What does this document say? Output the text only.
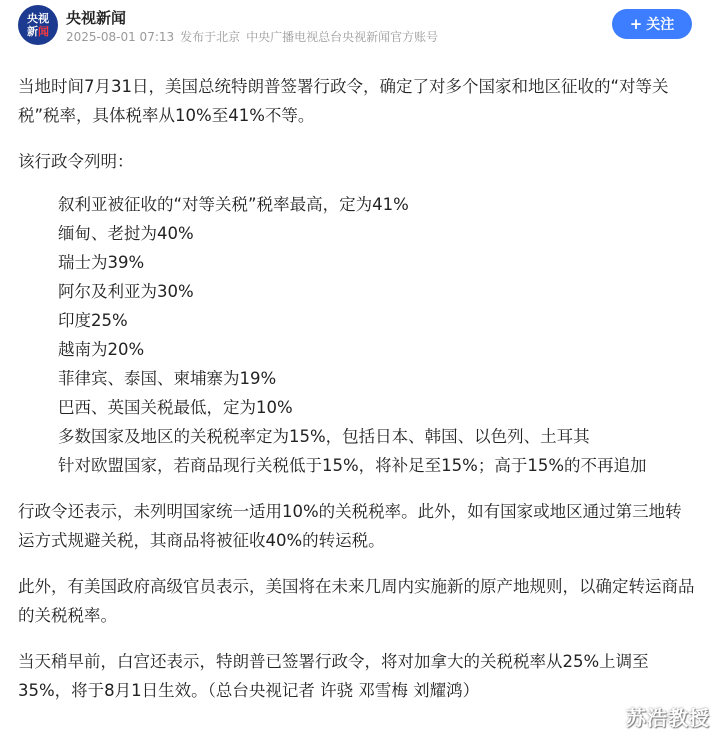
央视
新 闻
央视新闻
2025-08-01 07:13 发布于北京 中央广播电视总台央视新闻官方账号
+ 关注

当地时间7月31日，美国总统特朗普签署行政令，确定了对多个国家和地区征收的“对等关税”税率，具体税率从10%至41%不等。

该行政令列明：

叙利亚被征收的“对等关税”税率最高，定为41%
缅甸、老挝为40%
瑞士为39%
阿尔及利亚为30%
印度25%
越南为20%
菲律宾、泰国、柬埔寨为19%
巴西、英国关税最低，定为10%
多数国家及地区的关税税率定为15%，包括日本、韩国、以色列、土耳其
针对欧盟国家，若商品现行关税低于15%，将补足至15%；高于15%的不再追加

行政令还表示，未列明国家统一适用10%的关税税率。此外，如有国家或地区通过第三地转运方式规避关税，其商品将被征收40%的转运税。

此外，有美国政府高级官员表示，美国将在未来几周内实施新的原产地规则，以确定转运商品的关税税率。

当天稍早前，白宫还表示，特朗普已签署行政令，将对加拿大的关税税率从25%上调至35%，将于8月1日生效。（总台央视记者 许骁 邓雪梅 刘耀鸿）

苏浩教授
